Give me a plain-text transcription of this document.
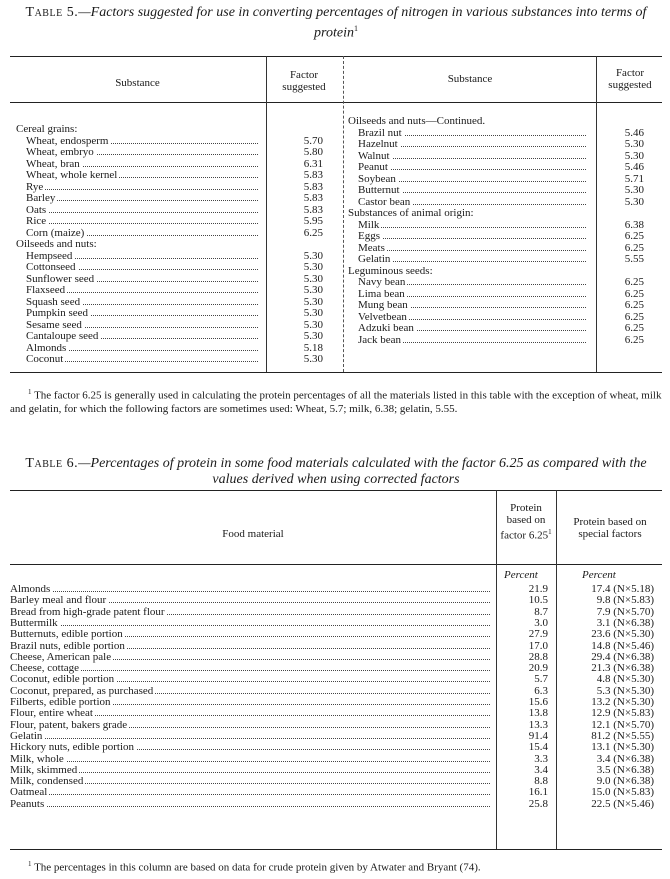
Table 5.—Factors suggested for use in converting percentages of nitrogen in various substances into terms of protein$^1$
Substance
Factor suggested
Substance	Factor suggested
Cereal grains:
Wheat, endosperm	5.70
Wheat, embryo	5.80
Wheat, bran	6.31
Wheat, whole kernel	5.83
Rye	5.83
Barley	5.83
Oats	5.83
Rice	5.95
Corn (maize)	6.25
Oilseeds and nuts:
Hempseed	5.30
Cottonseed	5.30
Sunflower seed	5.30
Flaxseed	5.30
Squash seed	5.30
Pumpkin seed	5.30
Sesame seed	5.30
Cantaloupe seed	5.30
Almonds	5.18
Coconut	5.30
Oilseeds and nuts—Continued.
Brazil nut	5.46
Hazelnut	5.30
Walnut	5.30
Peanut	5.46
Soybean	5.71
Butternut	5.30
Castor bean	5.30
Substances of animal origin:
Milk	6.38
Eggs	6.25
Meats	6.25
Gelatin	5.55
Leguminous seeds:
Navy bean	6.25
Lima bean	6.25
Mung bean	6.25
Velvetbean	6.25
Adzuki bean	6.25
Jack bean	6.25
$^1$ The factor 6.25 is generally used in calculating the protein percentages of all the materials listed in this table with the exception of wheat, milk and gelatin, for which the following factors are sometimes used: Wheat, 5.7; milk, 6.38; gelatin, 5.55.
Table 6.—Percentages of protein in some food materials calculated with the factor 6.25 as compared with the values derived when using corrected factors
Food material
Protein based on factor 6.25$^1$
Protein based on special factors
Percent	Percent
Almonds	21.9	17.4 (N×5.18)
Barley meal and flour	10.5	9.8 (N×5.83)
Bread from high-grade patent flour	8.7	7.9 (N×5.70)
Buttermilk	3.0	3.1 (N×6.38)
Butternuts, edible portion	27.9	23.6 (N×5.30)
Brazil nuts, edible portion	17.0	14.8 (N×5.46)
Cheese, American pale	28.8	29.4 (N×6.38)
Cheese, cottage	20.9	21.3 (N×6.38)
Coconut, edible portion	5.7	4.8 (N×5.30)
Coconut, prepared, as purchased	6.3	5.3 (N×5.30)
Filberts, edible portion	15.6	13.2 (N×5.30)
Flour, entire wheat	13.8	12.9 (N×5.83)
Flour, patent, bakers grade	13.3	12.1 (N×5.70)
Gelatin	91.4	81.2 (N×5.55)
Hickory nuts, edible portion	15.4	13.1 (N×5.30)
Milk, whole	3.3	3.4 (N×6.38)
Milk, skimmed	3.4	3.5 (N×6.38)
Milk, condensed	8.8	9.0 (N×6.38)
Oatmeal	16.1	15.0 (N×5.83)
Peanuts	25.8	22.5 (N×5.46)
$^1$ The percentages in this column are based on data for crude protein given by Atwater and Bryant (74).
